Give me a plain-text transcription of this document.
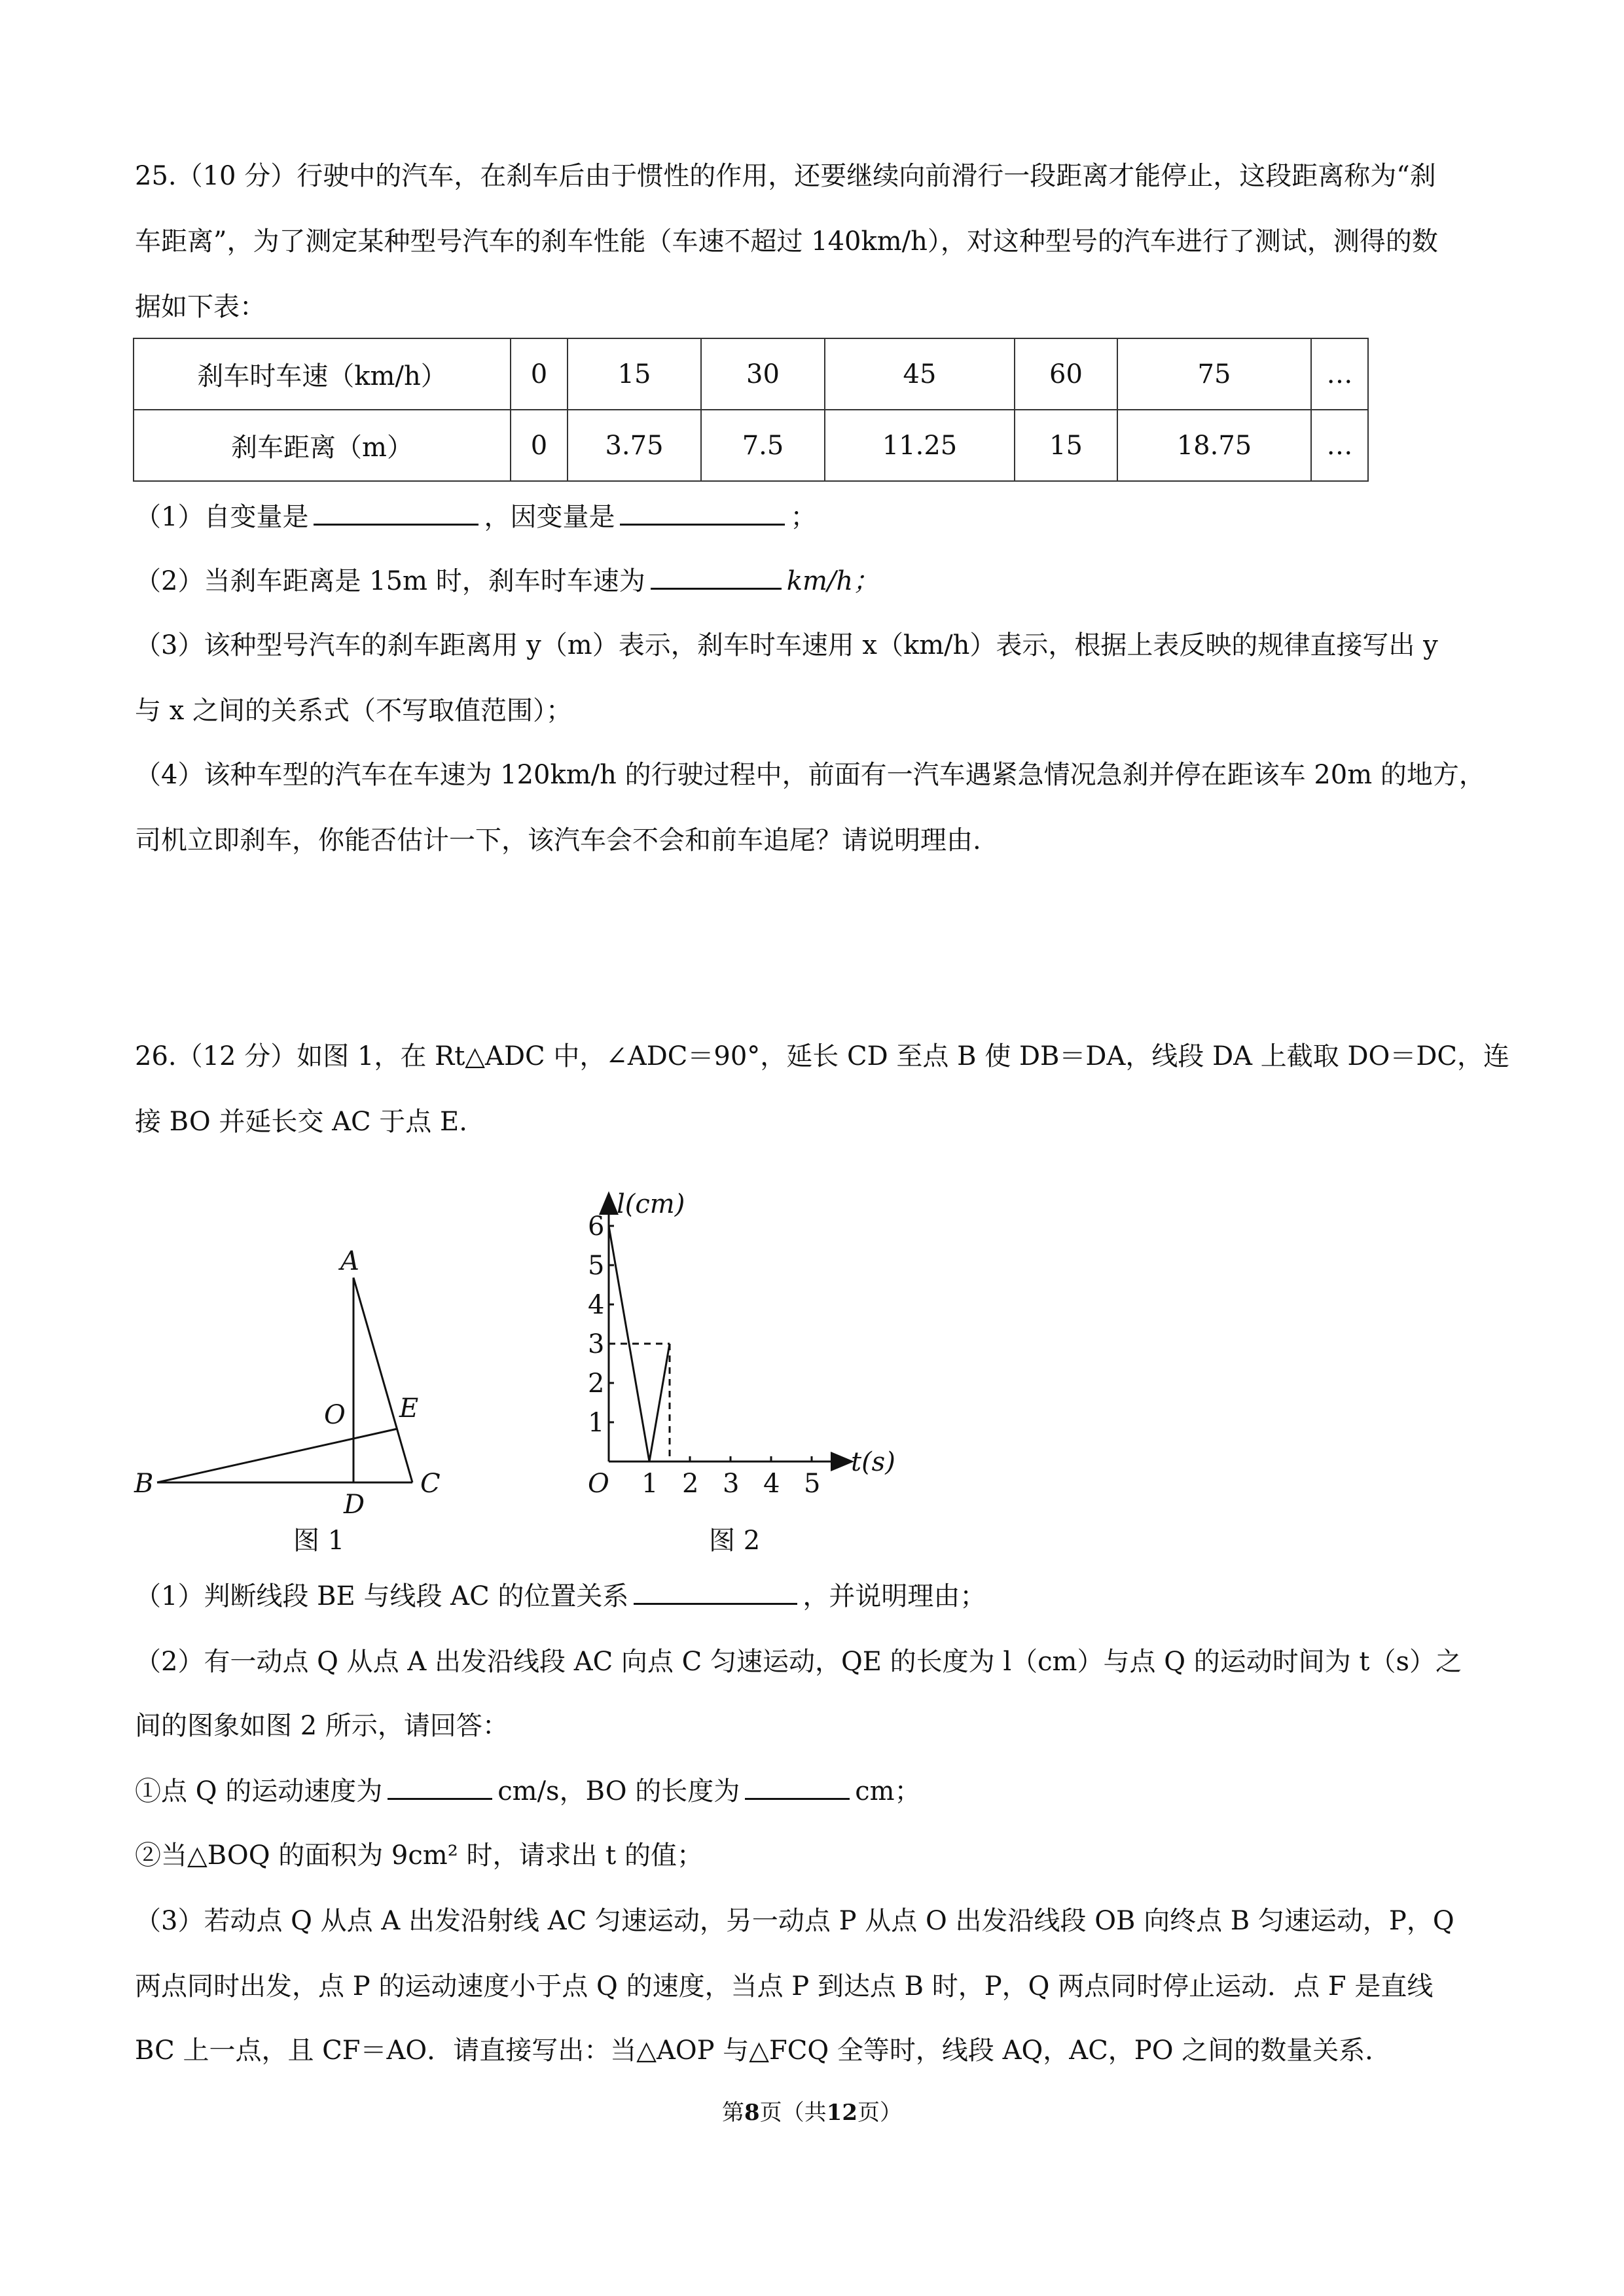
25.（10 分）行驶中的汽车，在刹车后由于惯性的作用，还要继续向前滑行一段距离才能停止，这段距离称为“刹
车距离”，为了测定某种型号汽车的刹车性能（车速不超过 140km/h），对这种型号的汽车进行了测试，测得的数
据如下表：
刹车时车速（km/h）	0	15	30	45	60	75	…
刹车距离（m）	0	3.75	7.5	11.25	15	18.75	…
（1）自变量是	，因变量是	；
（2）当刹车距离是 15m 时，刹车时车速为	km/h；
（3）该种型号汽车的刹车距离用 y（m）表示，刹车时车速用 x（km/h）表示，根据上表反映的规律直接写出 y
与 x 之间的关系式（不写取值范围）；
（4）该种车型的汽车在车速为 120km/h 的行驶过程中，前面有一汽车遇紧急情况急刹并停在距该车 20m 的地方，
司机立即刹车，你能否估计一下，该汽车会不会和前车追尾？请说明理由.
26.（12 分）如图 1，在 Rt△ADC 中，∠ADC＝90°，延长 CD 至点 B 使 DB＝DA，线段 DA 上截取 DO＝DC，连
接 BO 并延长交 AC 于点 E.
A
O E
B
D
C
图 1
1
2
3
4
5
6
1 2 3 4 5
O
l(cm)
t(s)
图 2
（1）判断线段 BE 与线段 AC 的位置关系	，并说明理由；
（2）有一动点 Q 从点 A 出发沿线段 AC 向点 C 匀速运动，QE 的长度为 l（cm）与点 Q 的运动时间为 t（s）之
间的图象如图 2 所示，请回答：
①点 Q 的运动速度为	cm/s，BO 的长度为	cm；
②当△BOQ 的面积为 9cm² 时，请求出 t 的值；
（3）若动点 Q 从点 A 出发沿射线 AC 匀速运动，另一动点 P 从点 O 出发沿线段 OB 向终点 B 匀速运动，P，Q
两点同时出发，点 P 的运动速度小于点 Q 的速度，当点 P 到达点 B 时，P，Q 两点同时停止运动．点 F 是直线
BC 上一点，且 CF＝AO．请直接写出：当△AOP 与△FCQ 全等时，线段 AQ，AC，PO 之间的数量关系．
第8页（共12页）
